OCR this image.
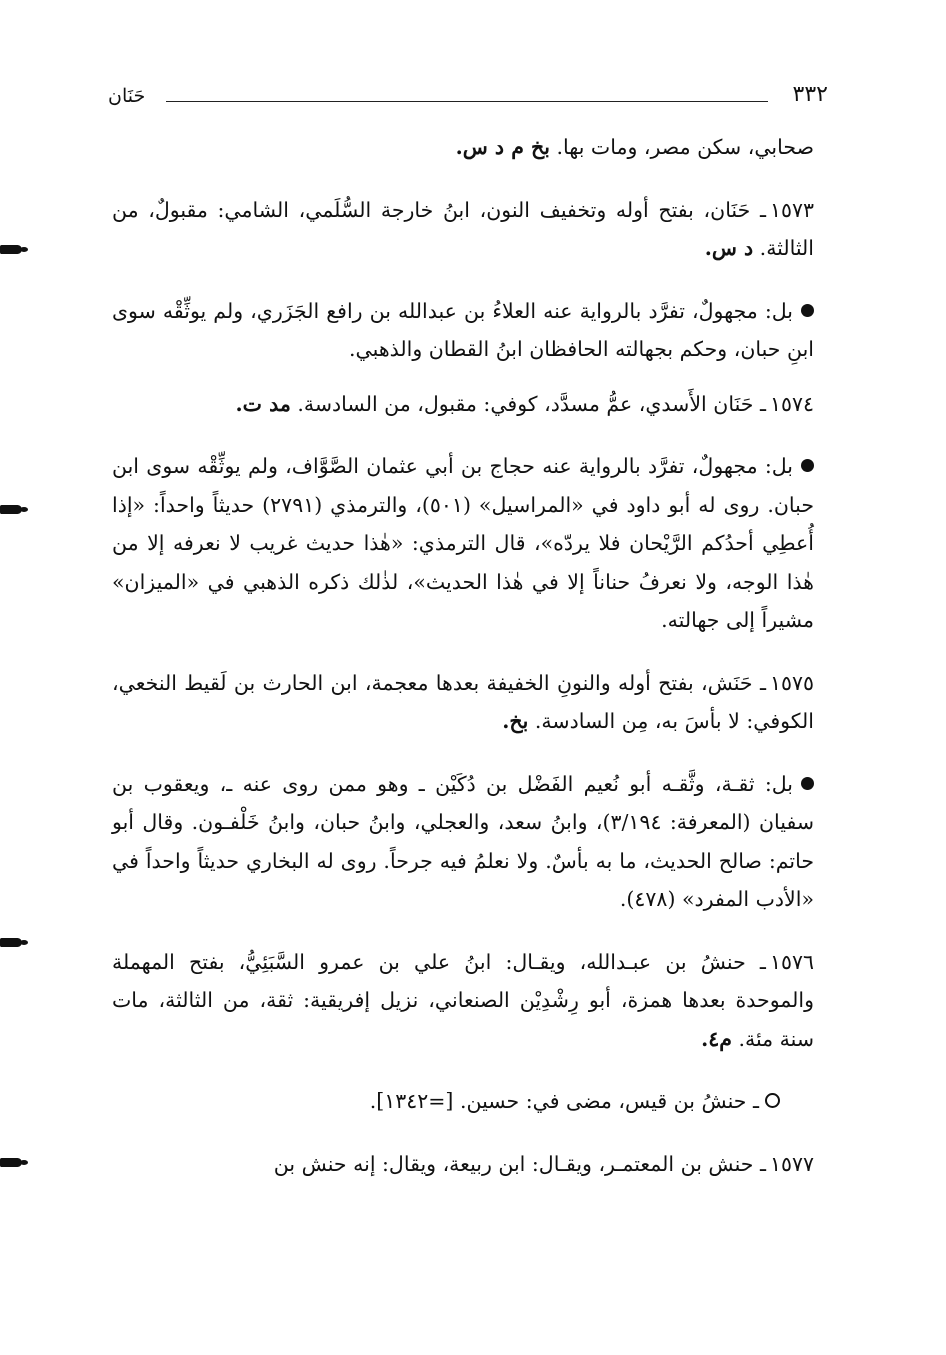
٣٣٢
حَنَان

صحابي، سكن مصر، ومات بها. بخ م د س.

١٥٧٣ـ حَنَان، بفتح أوله وتخفيف النون، ابنُ خارجة السُّلَمي، الشامي: مقبولٌ، من الثالثة. د س.

بل: مجهولٌ، تفرَّد بالرواية عنه العلاءُ بن عبدالله بن رافع الجَزَري، ولم يوثِّقْه سوى ابنِ حبان، وحكم بجهالته الحافظان ابنُ القطان والذهبي.

١٥٧٤ـ حَنَان الأَسدي، عمُّ مسدَّد، كوفي: مقبول، من السادسة. مد ت.

بل: مجهولٌ، تفرَّد بالرواية عنه حجاج بن أبي عثمان الصَّوَّاف، ولم يوثِّقْه سوى ابن حبان. روى له أبو داود في «المراسيل» (٥٠١)، والترمذي (٢٧٩١) حديثاً واحداً: «إذا أُعطِي أحدُكم الرَّيْحان فلا يردّه»، قال الترمذي: «هٰذا حديث غريب لا نعرفه إلا من هٰذا الوجه، ولا نعرفُ حناناً إلا في هٰذا الحديث»، لذٰلك ذكره الذهبي في «الميزان» مشيراً إلى جهالته.

١٥٧٥ـ حَنَش، بفتح أوله والنونِ الخفيفة بعدها معجمة، ابن الحارث بن لَقيط النخعي، الكوفي: لا بأسَ به، مِن السادسة. بخ.

بل: ثقـة، وثَّقـه أبو نُعيم الفَضْل بن دُكَيْن ـ وهو ممن روى عنه ـ، ويعقوب بن سفيان (المعرفة: ٣/١٩٤)، وابنُ سعد، والعجلي، وابنُ حبان، وابنُ خَلْفـون. وقال أبو حاتم: صالح الحديث، ما به بأسٌ. ولا نعلمُ فيه جرحاً. روى له البخاري حديثاً واحداً في «الأدب المفرد» (٤٧٨).

١٥٧٦ـ حنشُ بن عبـدالله، ويقـال: ابنُ علي بن عمرو السَّبَئِيُّ، بفتح المهملة والموحدة بعدها همزة، أبو رِشْدِيْن الصنعاني، نزيل إفريقية: ثقة، من الثالثة، مات سنة مئة. م٤.

ـ حنشُ بن قيس، مضى في: حسين. [=١٣٤٢].

١٥٧٧ـ حنش بن المعتمـر، ويقـال: ابن ربيعة، ويقال: إنه حنش بن
